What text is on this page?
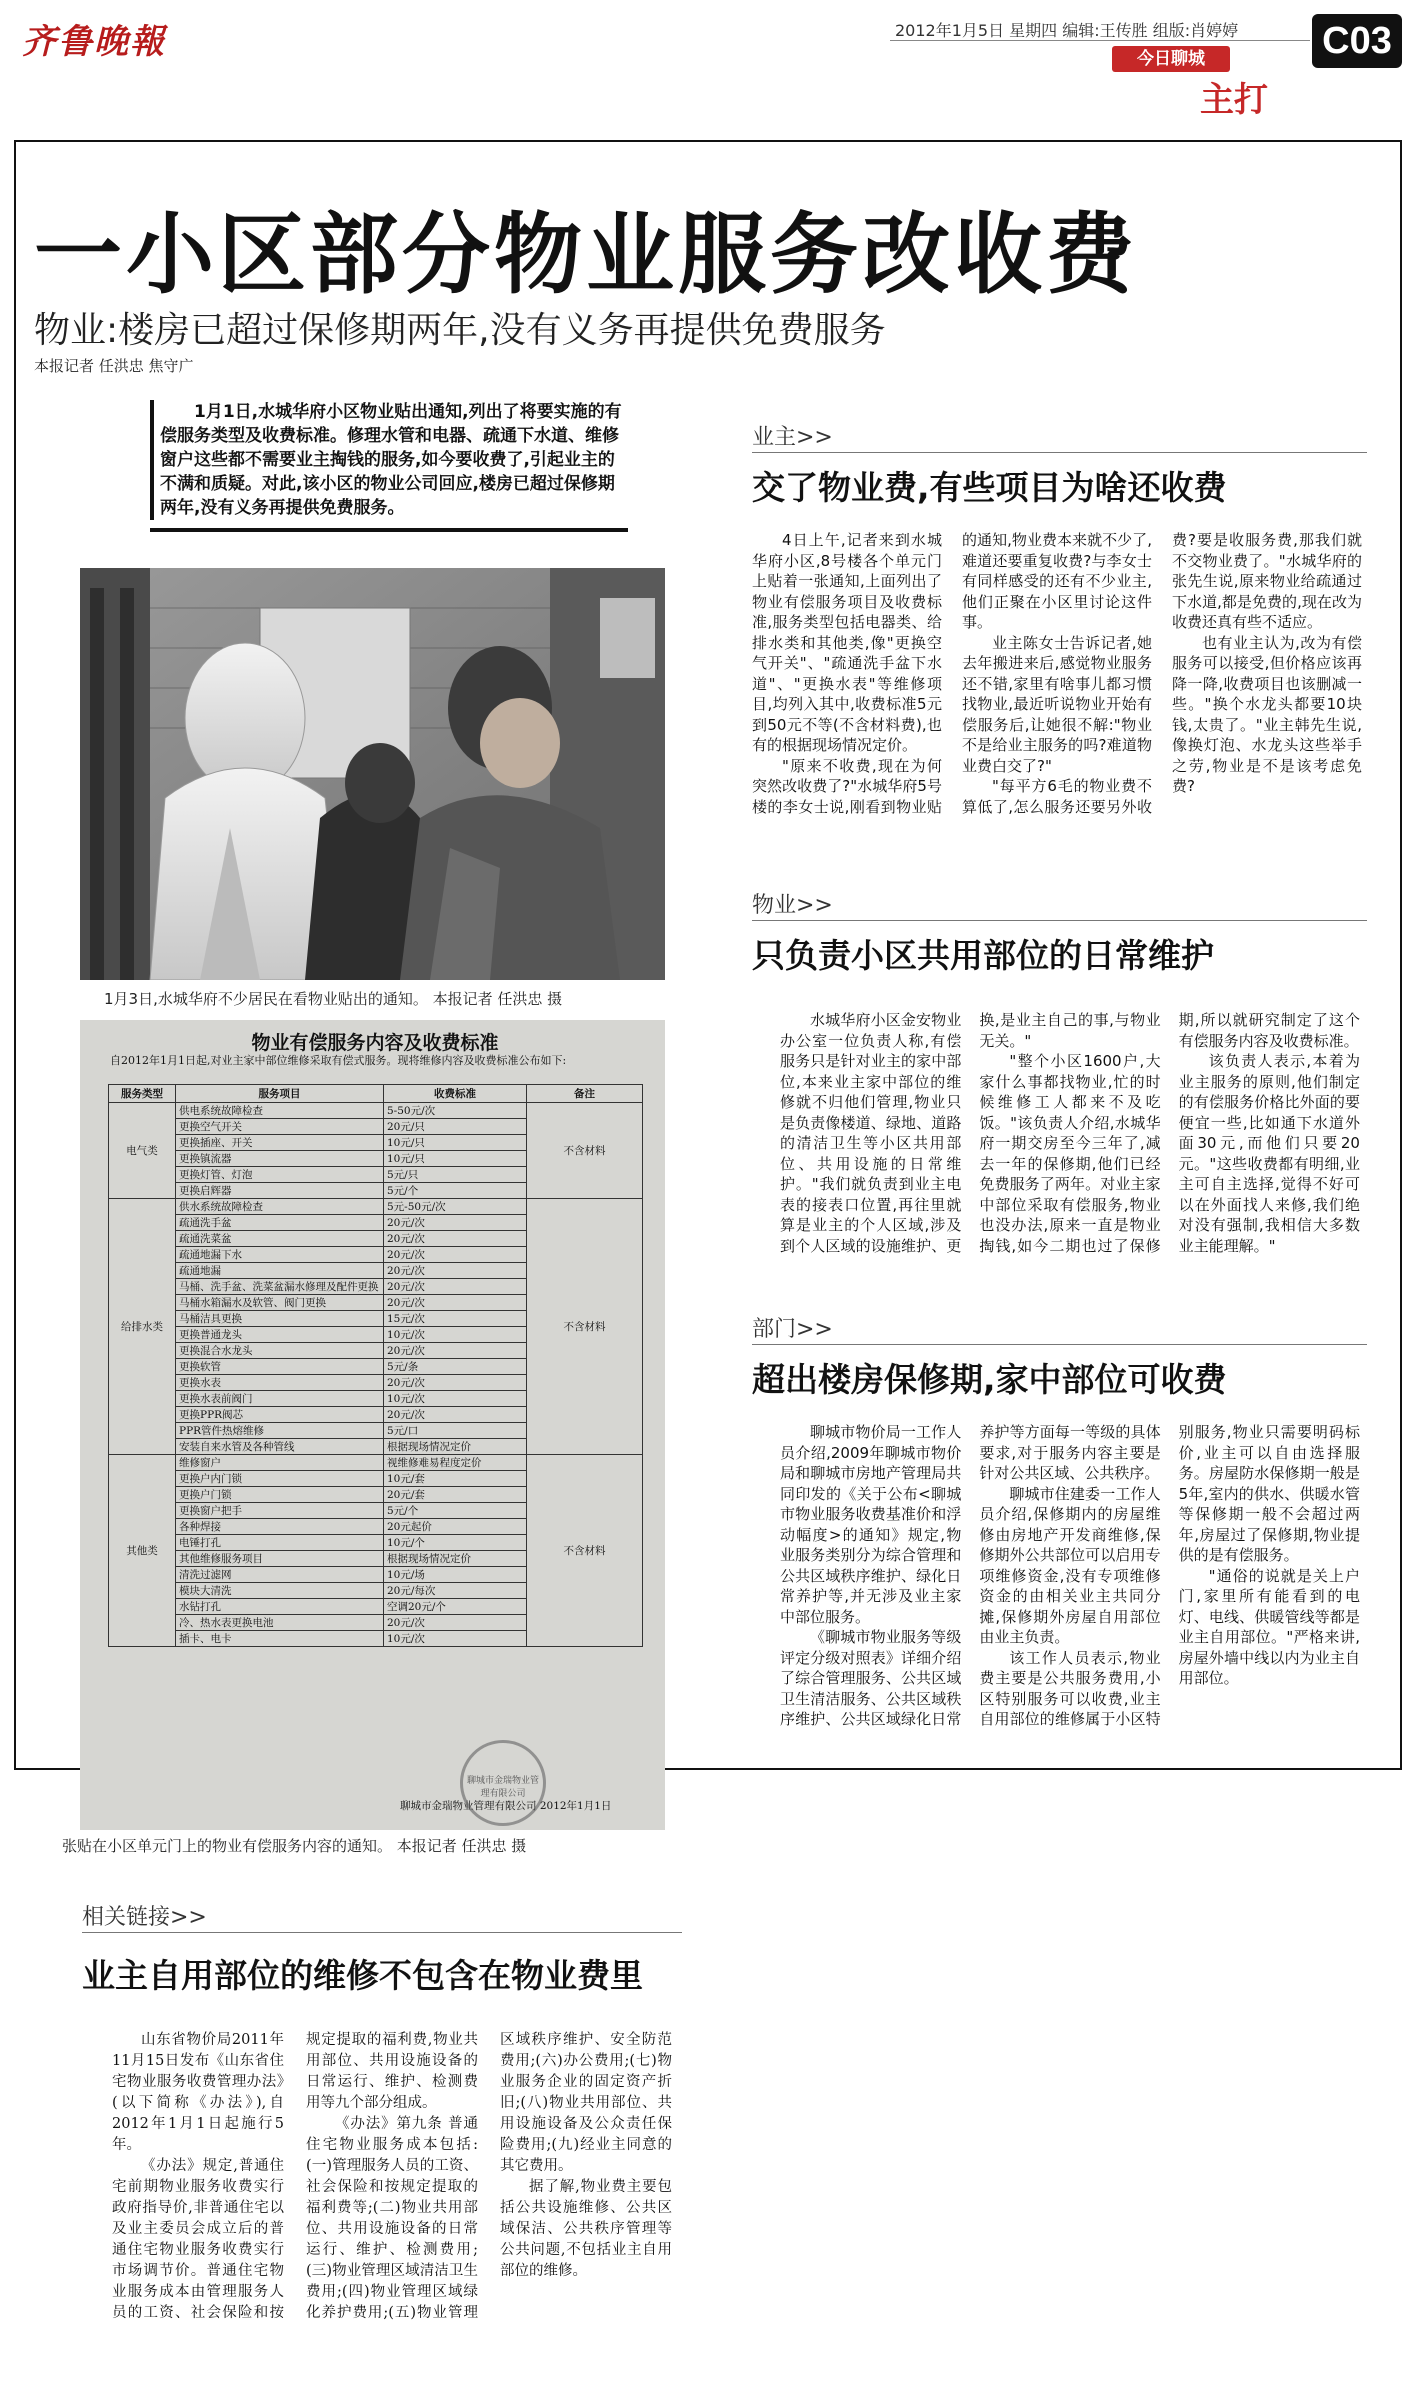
齐鲁晚報	2012年1月5日 星期四 编辑:王传胜 组版:肖婷婷
今日聊城
主打
C03
一小区部分物业服务改收费
物业:楼房已超过保修期两年,没有义务再提供免费服务
本报记者 任洪忠 焦守广
1月1日,水城华府小区物业贴出通知,列出了将要实施的有偿服务类型及收费标准。修理水管和电器、疏通下水道、维修窗户这些都不需要业主掏钱的服务,如今要收费了,引起业主的不满和质疑。对此,该小区的物业公司回应,楼房已超过保修期两年,没有义务再提供免费服务。
1月3日,水城华府不少居民在看物业贴出的通知。 本报记者 任洪忠 摄
物业有偿服务内容及收费标准
自2012年1月1日起,对业主家中部位维修采取有偿式服务。现将维修内容及收费标准公布如下:
服务类型	服务项目	收费标准	备注
电气类	供电系统故障检查	5-50元/次	不含材料
	更换空气开关	20元/只	
	更换插座、开关	10元/只	
	更换镇流器	10元/只	
	更换灯管、灯泡	5元/只	
	更换启辉器	5元/个	
给排水类	供水系统故障检查	5元-50元/次	不含材料
	疏通洗手盆	20元/次	
	疏通洗菜盆	20元/次	
	疏通地漏下水	20元/次	
	疏通地漏	20元/次	
	马桶、洗手盆、洗菜盆漏水修理及配件更换	20元/次	
	马桶水箱漏水及软管、阀门更换	20元/次	
	马桶洁具更换	15元/次	
	更换普通龙头	10元/次	
	更换混合水龙头	20元/次	
	更换软管	5元/条	
	更换水表	20元/次	
	更换水表前阀门	10元/次	
	更换PPR阀芯	20元/次	
	PPR管件热熔维修	5元/口	
	安装自来水管及各种管线	根据现场情况定价	
其他类	维修窗户	视维修难易程度定价	不含材料
	更换户内门锁	10元/套	
	更换户门锁	20元/套	
	更换窗户把手	5元/个	
	各种焊接	20元起价	
	电锤打孔	10元/个	
	其他维修服务项目	根据现场情况定价	
	清洗过滤网	10元/场	
	模块大清洗	20元/每次	
	水钻打孔	空调20元/个	
	冷、热水表更换电池	20元/次	
	插卡、电卡	10元/次	
聊城市金瑞物业管理有限公司 2012年1月1日
聊城市金瑞物业管理有限公司
张贴在小区单元门上的物业有偿服务内容的通知。 本报记者 任洪忠 摄
业主>>
交了物业费,有些项目为啥还收费

4日上午,记者来到水城华府小区,8号楼各个单元门上贴着一张通知,上面列出了物业有偿服务项目及收费标准,服务类型包括电器类、给排水类和其他类,像"更换空气开关"、"疏通洗手盆下水道"、"更换水表"等维修项目,均列入其中,收费标准5元到50元不等(不含材料费),也有的根据现场情况定价。

"原来不收费,现在为何突然改收费了?"水城华府5号楼的李女士说,刚看到物业贴的通知,物业费本来就不少了,难道还要重复收费?与李女士有同样感受的还有不少业主,他们正聚在小区里讨论这件事。

业主陈女士告诉记者,她去年搬进来后,感觉物业服务还不错,家里有啥事儿都习惯找物业,最近听说物业开始有偿服务后,让她很不解:"物业不是给业主服务的吗?难道物业费白交了?"

"每平方6毛的物业费不算低了,怎么服务还要另外收费?要是收服务费,那我们就不交物业费了。"水城华府的张先生说,原来物业给疏通过下水道,都是免费的,现在改为收费还真有些不适应。

也有业主认为,改为有偿服务可以接受,但价格应该再降一降,收费项目也该删减一些。"换个水龙头都要10块钱,太贵了。"业主韩先生说,像换灯泡、水龙头这些举手之劳,物业是不是该考虑免费?

物业>>
只负责小区共用部位的日常维护

水城华府小区金安物业办公室一位负责人称,有偿服务只是针对业主的家中部位,本来业主家中部位的维修就不归他们管理,物业只是负责像楼道、绿地、道路的清洁卫生等小区共用部位、共用设施的日常维护。"我们就负责到业主电表的接表口位置,再往里就算是业主的个人区域,涉及到个人区域的设施维护、更换,是业主自己的事,与物业无关。"

"整个小区1600户,大家什么事都找物业,忙的时候维修工人都来不及吃饭。"该负责人介绍,水城华府一期交房至今三年了,减去一年的保修期,他们已经免费服务了两年。对业主家中部位采取有偿服务,物业也没办法,原来一直是物业掏钱,如今二期也过了保修期,所以就研究制定了这个有偿服务内容及收费标准。

该负责人表示,本着为业主服务的原则,他们制定的有偿服务价格比外面的要便宜一些,比如通下水道外面30元,而他们只要20元。"这些收费都有明细,业主可自主选择,觉得不好可以在外面找人来修,我们绝对没有强制,我相信大多数业主能理解。"

部门>>
超出楼房保修期,家中部位可收费

聊城市物价局一工作人员介绍,2009年聊城市物价局和聊城市房地产管理局共同印发的《关于公布<聊城市物业服务收费基准价和浮动幅度>的通知》规定,物业服务类别分为综合管理和公共区域秩序维护、绿化日常养护等,并无涉及业主家中部位服务。

《聊城市物业服务等级评定分级对照表》详细介绍了综合管理服务、公共区域卫生清洁服务、公共区域秩序维护、公共区域绿化日常养护等方面每一等级的具体要求,对于服务内容主要是针对公共区域、公共秩序。

聊城市住建委一工作人员介绍,保修期内的房屋维修由房地产开发商维修,保修期外公共部位可以启用专项维修资金,没有专项维修资金的由相关业主共同分摊,保修期外房屋自用部位由业主负责。

该工作人员表示,物业费主要是公共服务费用,小区特别服务可以收费,业主自用部位的维修属于小区特别服务,物业只需要明码标价,业主可以自由选择服务。房屋防水保修期一般是5年,室内的供水、供暖水管等保修期一般不会超过两年,房屋过了保修期,物业提供的是有偿服务。

"通俗的说就是关上户门,家里所有能看到的电灯、电线、供暖管线等都是业主自用部位。"严格来讲,房屋外墙中线以内为业主自用部位。

相关链接>>
业主自用部位的维修不包含在物业费里

山东省物价局2011年11月15日发布《山东省住宅物业服务收费管理办法》(以下简称《办法》),自2012年1月1日起施行5年。

《办法》规定,普通住宅前期物业服务收费实行政府指导价,非普通住宅以及业主委员会成立后的普通住宅物业服务收费实行市场调节价。普通住宅物业服务成本由管理服务人员的工资、社会保险和按规定提取的福利费,物业共用部位、共用设施设备的日常运行、维护、检测费用等九个部分组成。

《办法》第九条 普通住宅物业服务成本包括:(一)管理服务人员的工资、社会保险和按规定提取的福利费等;(二)物业共用部位、共用设施设备的日常运行、维护、检测费用;(三)物业管理区域清洁卫生费用;(四)物业管理区域绿化养护费用;(五)物业管理区域秩序维护、安全防范费用;(六)办公费用;(七)物业服务企业的固定资产折旧;(八)物业共用部位、共用设施设备及公众责任保险费用;(九)经业主同意的其它费用。

据了解,物业费主要包括公共设施维修、公共区域保洁、公共秩序管理等公共问题,不包括业主自用部位的维修。
